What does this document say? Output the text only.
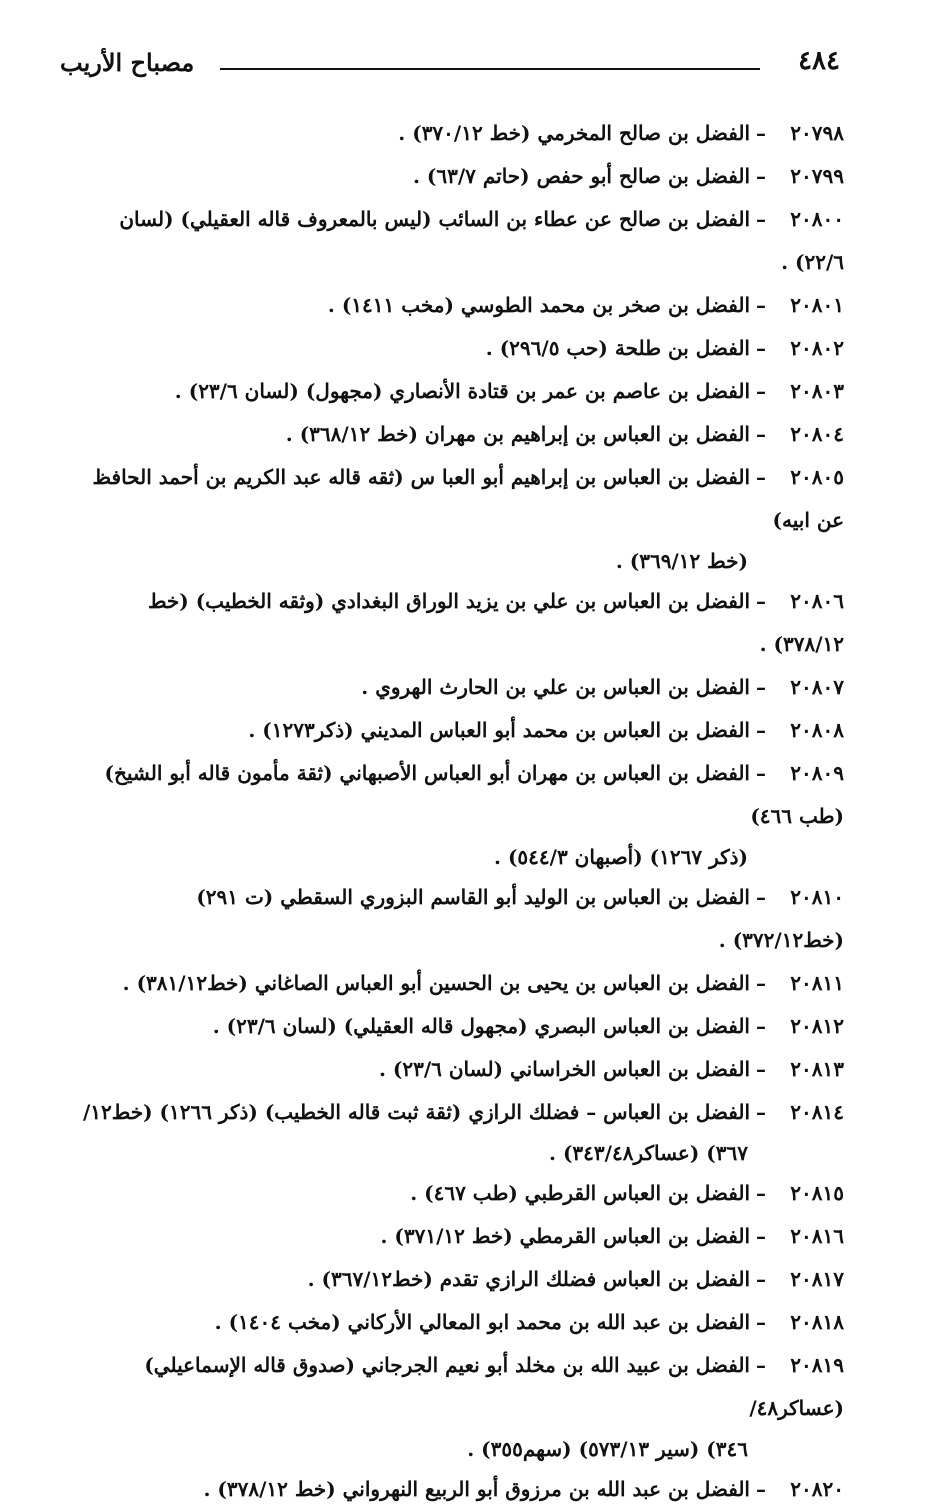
٤٨٤
مصباح الأريب
٢٠٧٩٨–الفضل بن صالح المخرمي (خط ٣٧٠/١٢) .
٢٠٧٩٩–الفضل بن صالح أبو حفص (حاتم ٦٣/٧) .
٢٠٨٠٠–الفضل بن صالح عن عطاء بن السائب (ليس بالمعروف قاله العقيلي) (لسان ٢٢/٦) .
٢٠٨٠١–الفضل بن صخر بن محمد الطوسي (مخب ١٤١١) .
٢٠٨٠٢–الفضل بن طلحة (حب ٢٩٦/٥) .
٢٠٨٠٣–الفضل بن عاصم بن عمر بن قتادة الأنصاري (مجهول) (لسان ٢٣/٦) .
٢٠٨٠٤–الفضل بن العباس بن إبراهيم بن مهران (خط ٣٦٨/١٢) .
٢٠٨٠٥–الفضل بن العباس بن إبراهيم أبو العبا س (ثقه قاله عبد الكريم بن أحمد الحافظ عن ابيه)
(خط ٣٦٩/١٢) .
٢٠٨٠٦–الفضل بن العباس بن علي بن يزيد الوراق البغدادي (وثقه الخطيب) (خط ٣٧٨/١٢) .
٢٠٨٠٧–الفضل بن العباس بن علي بن الحارث الهروي .
٢٠٨٠٨–الفضل بن العباس بن محمد أبو العباس المديني (ذكر١٢٧٣) .
٢٠٨٠٩–الفضل بن العباس بن مهران أبو العباس الأصبهاني (ثقة مأمون قاله أبو الشيخ) (طب ٤٦٦)
(ذكر ١٢٦٧) (أصبهان ٥٤٤/٣) .
٢٠٨١٠–الفضل بن العباس بن الوليد أبو القاسم البزوري السقطي (ت ٢٩١) (خط٣٧٢/١٢) .
٢٠٨١١–الفضل بن العباس بن يحيى بن الحسين أبو العباس الصاغاني (خط٣٨١/١٢) .
٢٠٨١٢–الفضل بن العباس البصري (مجهول قاله العقيلي) (لسان ٢٣/٦) .
٢٠٨١٣–الفضل بن العباس الخراساني (لسان ٢٣/٦) .
٢٠٨١٤–الفضل بن العباس – فضلك الرازي (ثقة ثبت قاله الخطيب) (ذكر ١٢٦٦) (خط١٢/
٣٦٧) (عساكر٣٤٣/٤٨) .
٢٠٨١٥–الفضل بن العباس القرطبي (طب ٤٦٧) .
٢٠٨١٦–الفضل بن العباس القرمطي (خط ٣٧١/١٢) .
٢٠٨١٧–الفضل بن العباس فضلك الرازي تقدم (خط٣٦٧/١٢) .
٢٠٨١٨–الفضل بن عبد الله بن محمد ابو المعالي الأركاني (مخب ١٤٠٤) .
٢٠٨١٩–الفضل بن عبيد الله بن مخلد أبو نعيم الجرجاني (صدوق قاله الإسماعيلي) (عساكر٤٨/
٣٤٦) (سير ٥٧٣/١٣) (سهم٣٥٥) .
٢٠٨٢٠–الفضل بن عبد الله بن مرزوق أبو الربيع النهرواني (خط ٣٧٨/١٢) .
